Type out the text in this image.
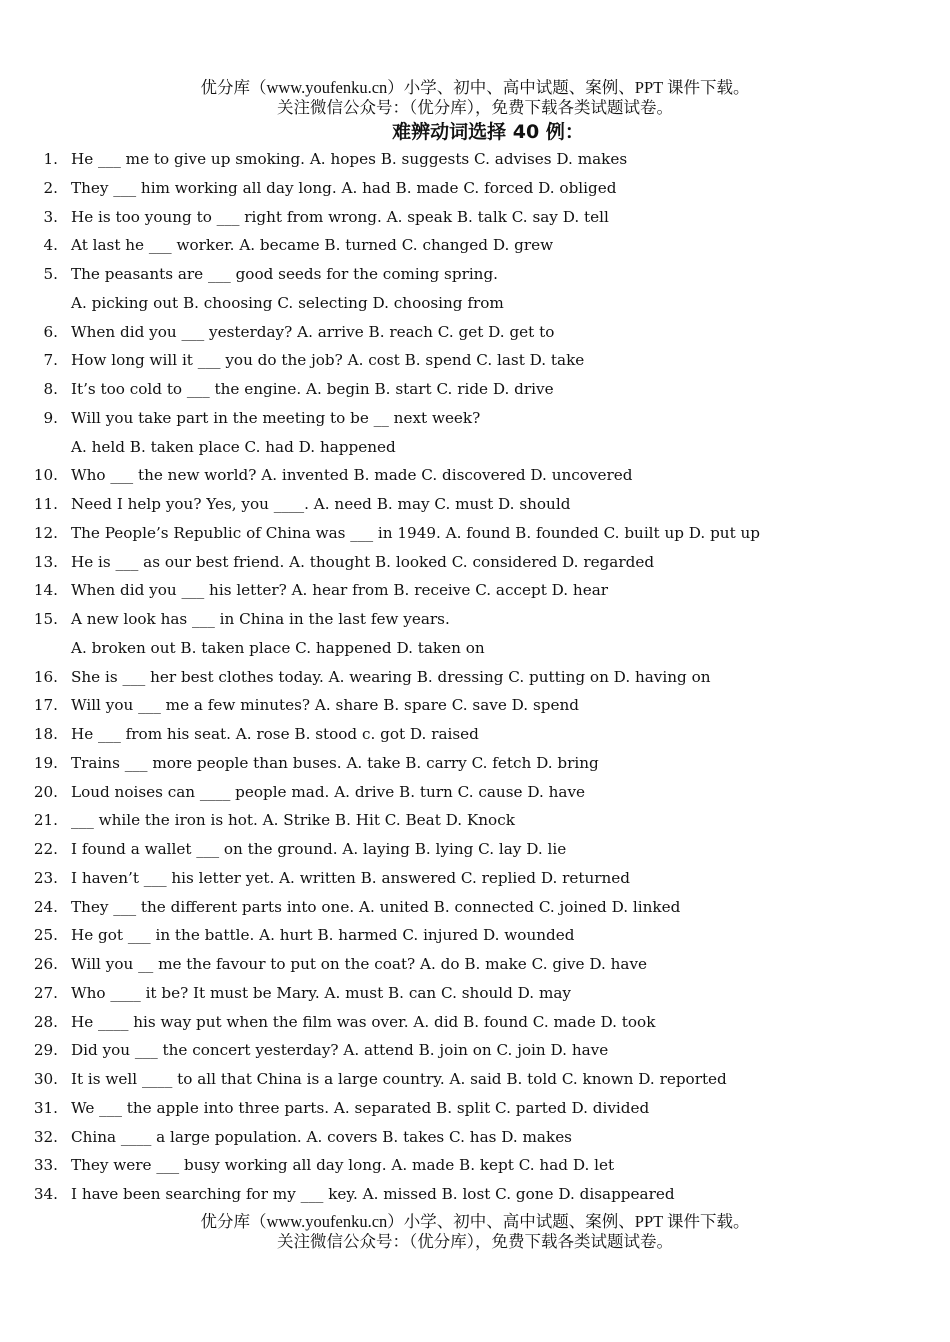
优分库（www.youfenku.cn）小学、初中、高中试题、案例、PPT 课件下载。
关注微信公众号：（优分库），免费下载各类试题试卷。
难辨动词选择 40 例：
1. He ___ me to give up smoking. A. hopes B. suggests C. advises D. makes
2. They ___ him working all day long. A. had B. made C. forced D. obliged
3. He is too young to ___ right from wrong. A. speak B. talk C. say D. tell
4. At last he ___ worker. A. became B. turned C. changed D. grew
5. The peasants are ___ good seeds for the coming spring.
A. picking out B. choosing C. selecting D. choosing from
6. When did you ___ yesterday? A. arrive B. reach C. get D. get to
7. How long will it ___ you do the job? A. cost B. spend C. last D. take
8. It’s too cold to ___ the engine. A. begin B. start C. ride D. drive
9. Will you take part in the meeting to be __ next week?
A. held B. taken place C. had D. happened
10. Who ___ the new world? A. invented B. made C. discovered D. uncovered
11. Need I help you? Yes, you ____. A. need B. may C. must D. should
12. The People’s Republic of China was ___ in 1949. A. found B. founded C. built up D. put up
13. He is ___ as our best friend. A. thought B. looked C. considered D. regarded
14. When did you ___ his letter? A. hear from B. receive C. accept D. hear
15. A new look has ___ in China in the last few years.
A. broken out B. taken place C. happened D. taken on
16. She is ___ her best clothes today. A. wearing B. dressing C. putting on D. having on
17. Will you ___ me a few minutes? A. share B. spare C. save D. spend
18. He ___ from his seat. A. rose B. stood c. got D. raised
19. Trains ___ more people than buses. A. take B. carry C. fetch D. bring
20. Loud noises can ____ people mad. A. drive B. turn C. cause D. have
21. ___ while the iron is hot. A. Strike B. Hit C. Beat D. Knock
22. I found a wallet ___ on the ground. A. laying B. lying C. lay D. lie
23. I haven’t ___ his letter yet. A. written B. answered C. replied D. returned
24. They ___ the different parts into one. A. united B. connected C. joined D. linked
25. He got ___ in the battle. A. hurt B. harmed C. injured D. wounded
26. Will you __ me the favour to put on the coat? A. do B. make C. give D. have
27. Who ____ it be? It must be Mary. A. must B. can C. should D. may
28. He ____ his way put when the film was over. A. did B. found C. made D. took
29. Did you ___ the concert yesterday? A. attend B. join on C. join D. have
30. It is well ____ to all that China is a large country. A. said B. told C. known D. reported
31. We ___ the apple into three parts. A. separated B. split C. parted D. divided
32. China ____ a large population. A. covers B. takes C. has D. makes
33. They were ___ busy working all day long. A. made B. kept C. had D. let
34. I have been searching for my ___ key. A. missed B. lost C. gone D. disappeared
优分库（www.youfenku.cn）小学、初中、高中试题、案例、PPT 课件下载。
关注微信公众号：（优分库），免费下载各类试题试卷。
